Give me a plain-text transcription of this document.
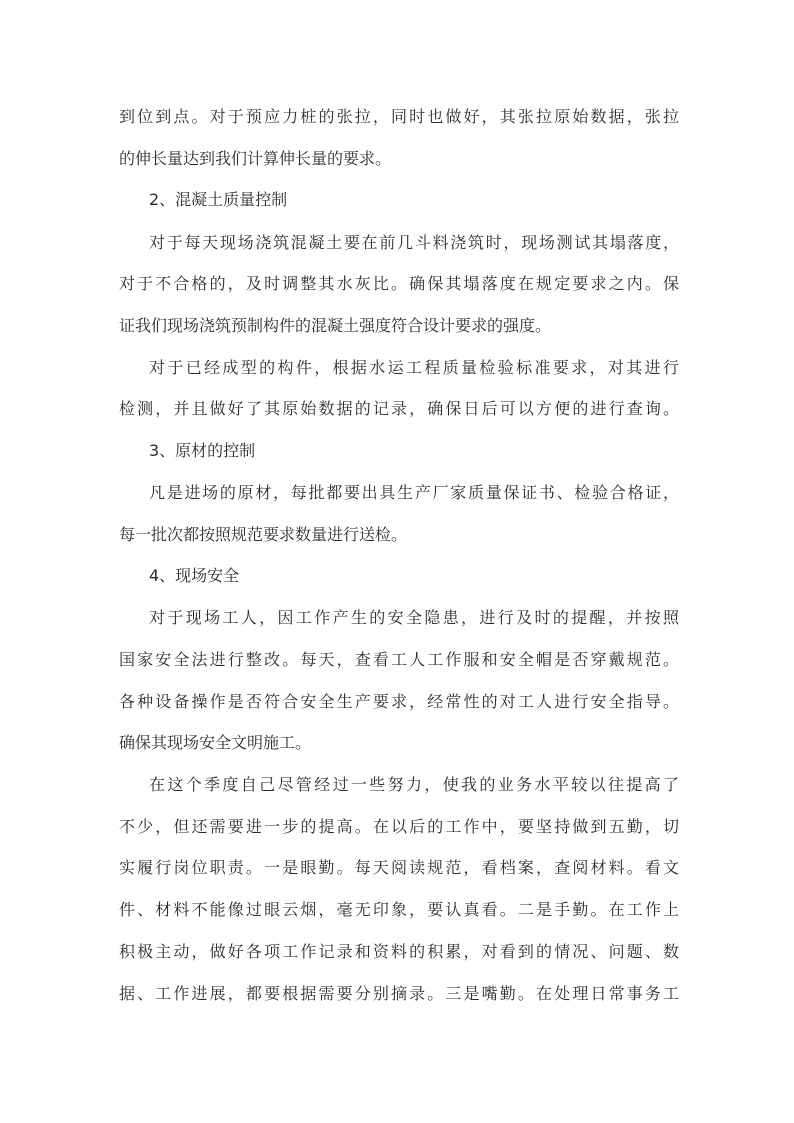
到位到点。对于预应力桩的张拉，同时也做好，其张拉原始数据，张拉
的伸长量达到我们计算伸长量的要求。
2、混凝土质量控制
对于每天现场浇筑混凝土要在前几斗料浇筑时，现场测试其塌落度，
对于不合格的，及时调整其水灰比。确保其塌落度在规定要求之内。保
证我们现场浇筑预制构件的混凝土强度符合设计要求的强度。
对于已经成型的构件，根据水运工程质量检验标准要求，对其进行
检测，并且做好了其原始数据的记录，确保日后可以方便的进行查询。
3、原材的控制
凡是进场的原材，每批都要出具生产厂家质量保证书、检验合格证，
每一批次都按照规范要求数量进行送检。
4、现场安全
对于现场工人，因工作产生的安全隐患，进行及时的提醒，并按照
国家安全法进行整改。每天，查看工人工作服和安全帽是否穿戴规范。
各种设备操作是否符合安全生产要求，经常性的对工人进行安全指导。
确保其现场安全文明施工。
在这个季度自己尽管经过一些努力，使我的业务水平较以往提高了
不少，但还需要进一步的提高。在以后的工作中，要坚持做到五勤，切
实履行岗位职责。一是眼勤。每天阅读规范，看档案，查阅材料。看文
件、材料不能像过眼云烟，毫无印象，要认真看。二是手勤。在工作上
积极主动，做好各项工作记录和资料的积累，对看到的情况、问题、数
据、工作进展，都要根据需要分别摘录。三是嘴勤。在处理日常事务工
